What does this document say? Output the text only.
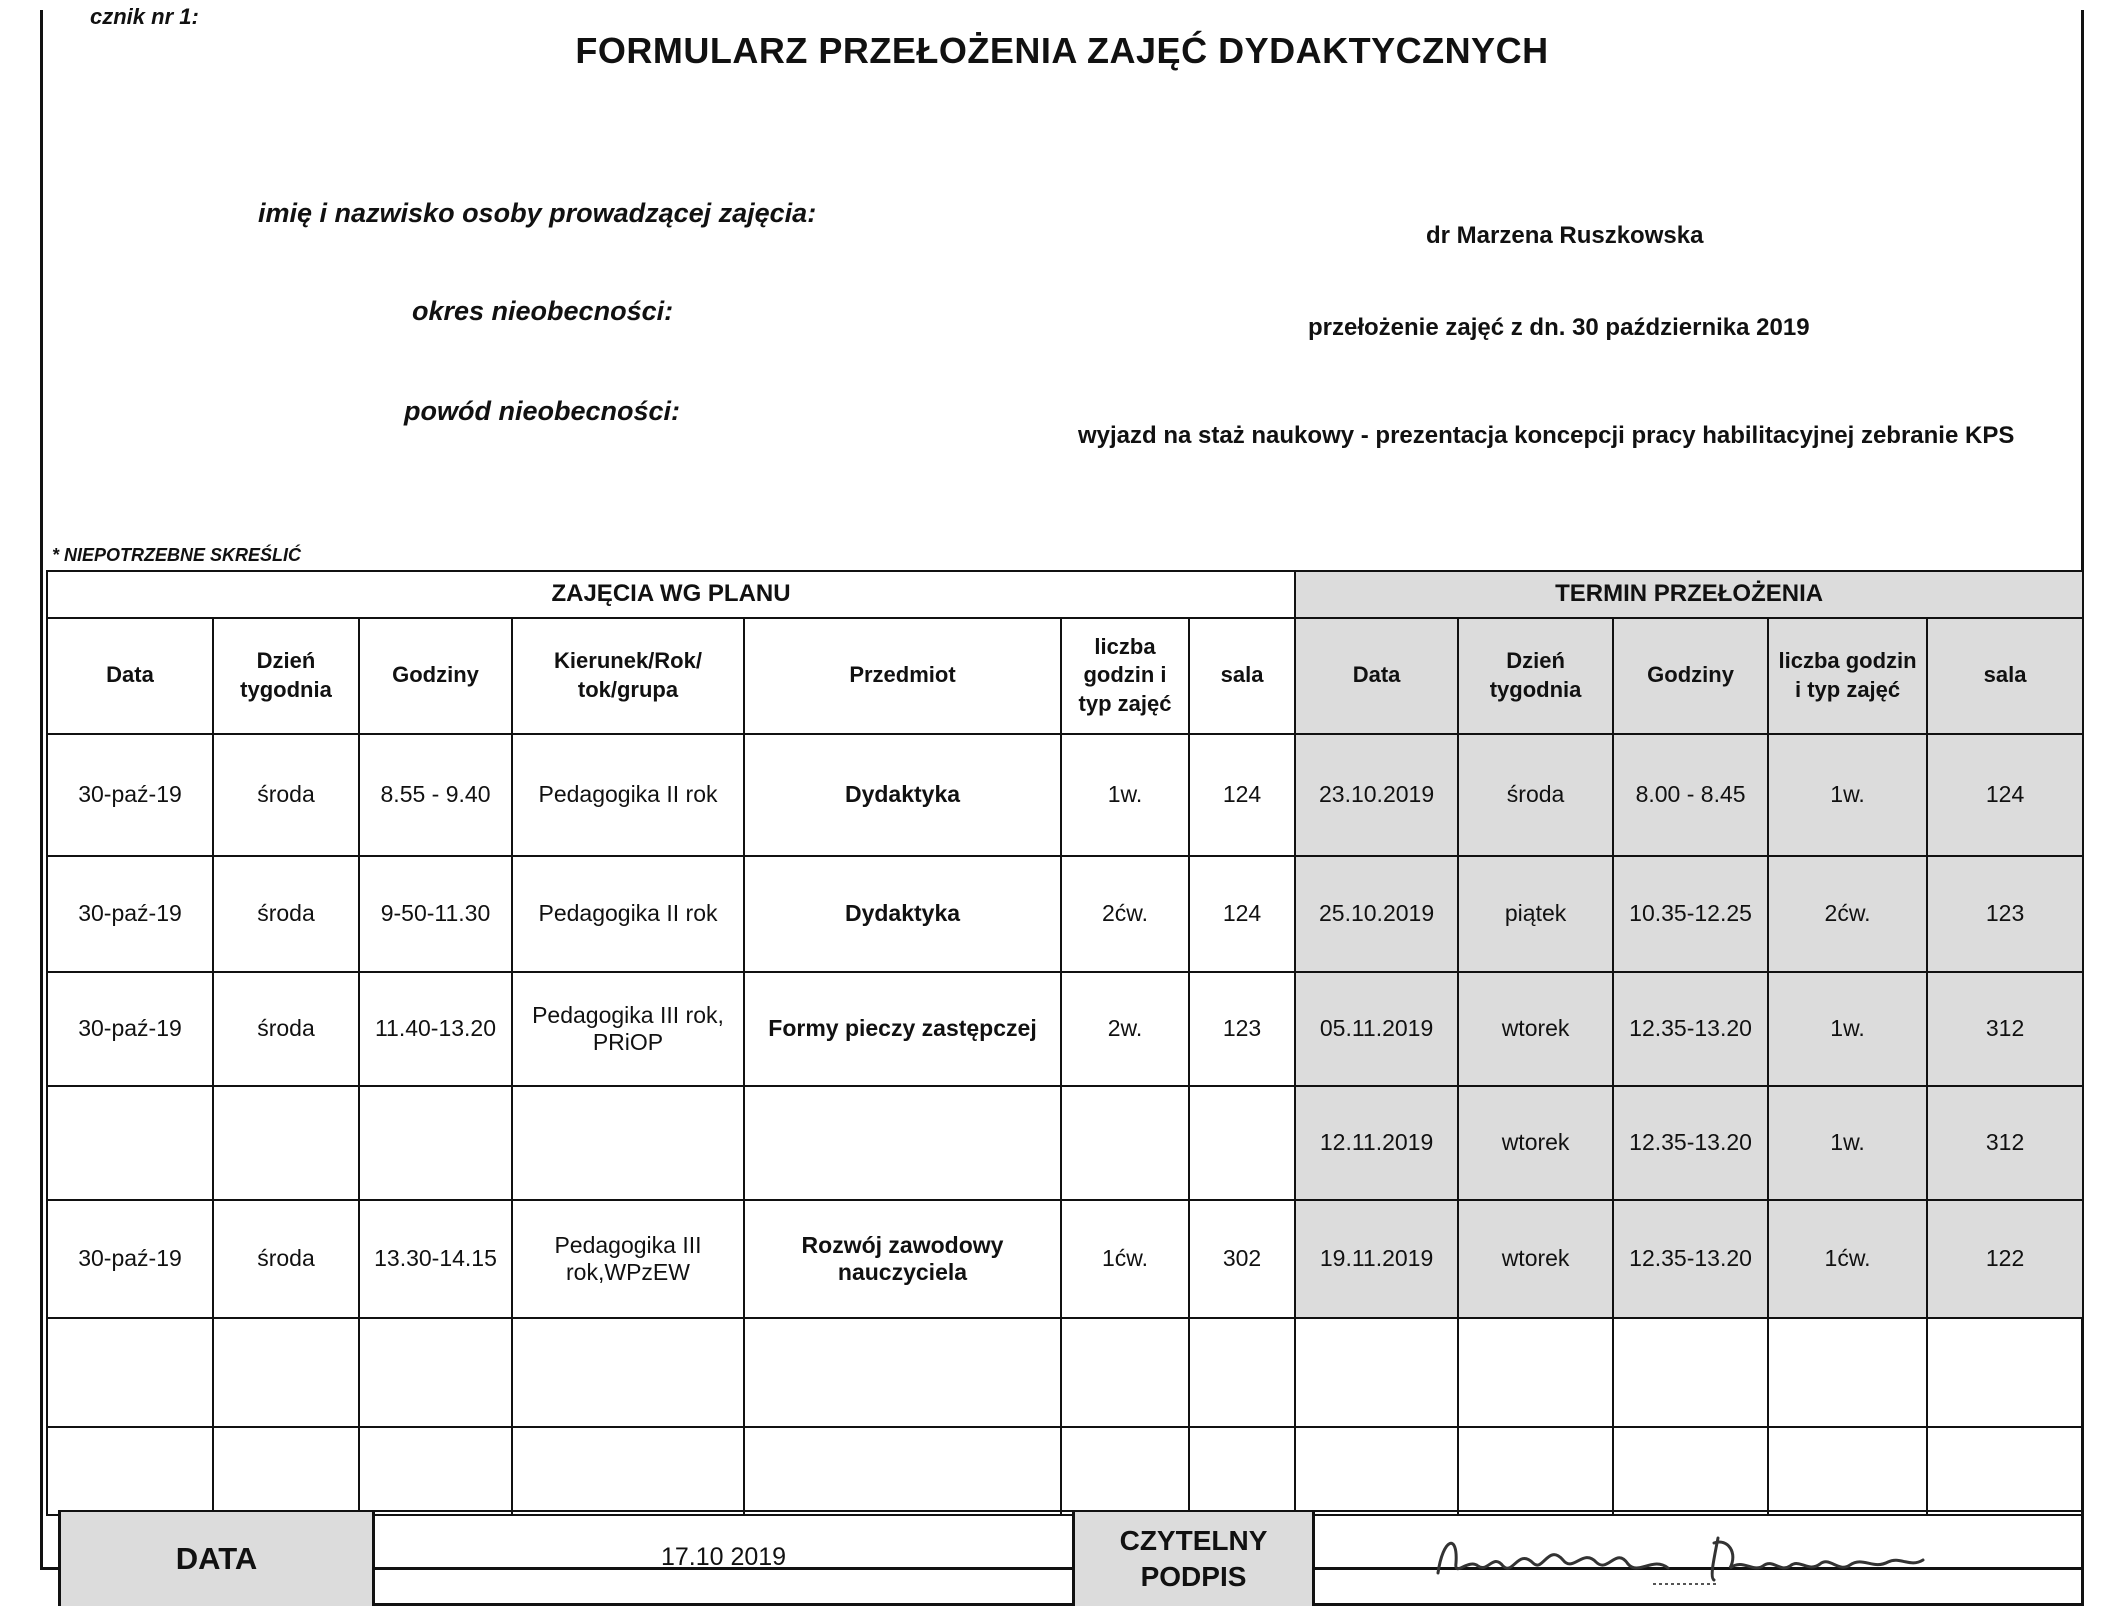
cznik nr 1:
FORMULARZ PRZEŁOŻENIA ZAJĘĆ DYDAKTYCZNYCH
imię i nazwisko osoby prowadzącej zajęcia:
dr Marzena Ruszkowska
okres nieobecności:
przełożenie zajęć z dn. 30 października 2019
powód nieobecności:
wyjazd na staż naukowy - prezentacja koncepcji pracy habilitacyjnej zebranie KPS
* NIEPOTRZEBNE SKREŚLIĆ
ZAJĘCIA WG PLANU							TERMIN PRZEŁOŻENIA				
Data	Dzień tygodnia	Godziny	Kierunek/Rok/ tok/grupa	Przedmiot	liczba godzin i typ zajęć	sala	Data	Dzień tygodnia	Godziny	liczba godzin i typ zajęć	sala
30-paź-19	środa	8.55 - 9.40	Pedagogika II rok	Dydaktyka	1w.	124	23.10.2019	środa	8.00 - 8.45	1w.	124
30-paź-19	środa	9-50-11.30	Pedagogika II rok	Dydaktyka	2ćw.	124	25.10.2019	piątek	10.35-12.25	2ćw.	123
30-paź-19	środa	11.40-13.20	Pedagogika III rok, PRiOP	Formy pieczy zastępczej	2w.	123	05.11.2019	wtorek	12.35-13.20	1w.	312
							12.11.2019	wtorek	12.35-13.20	1w.	312
30-paź-19	środa	13.30-14.15	Pedagogika III rok,WPzEW	Rozwój zawodowy nauczyciela	1ćw.	302	19.11.2019	wtorek	12.35-13.20	1ćw.	122

DATA	17.10 2019
CZYTELNY PODPIS
